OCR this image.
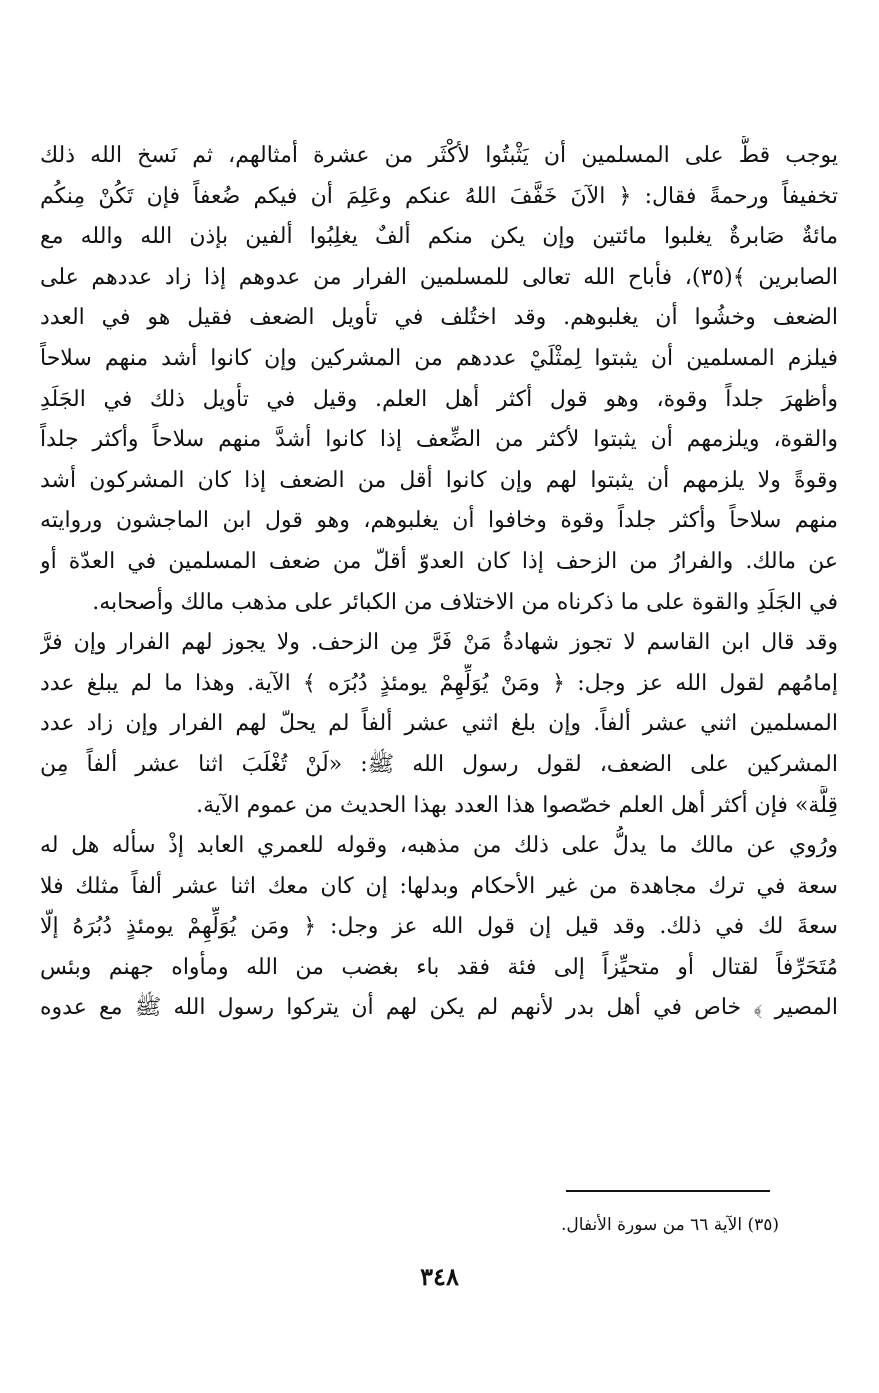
يوجب قطُّ على المسلمين أن يَثْبتُوا لأكْثَر من عشرة أمثالهم، ثم نَسخ الله ذلك
تخفيفاً ورحمةً فقال: ﴿ الآنَ خَفَّفَ اللهُ عنكم وعَلِمَ أن فيكم ضُعفاً فإن تَكُنْ مِنكُم
مائةٌ صَابرةٌ يغلبوا مائتين وإن يكن منكم ألفٌ يغلِبُوا ألفين بإذن الله والله مع
الصابرين ﴾(٣٥)، فأباح الله تعالى للمسلمين الفرار من عدوهم إذا زاد عددهم على
الضعف وخشُوا أن يغلبوهم. وقد اختُلف في تأويل الضعف فقيل هو في العدد
فيلزم المسلمين أن يثبتوا لِمثْلَيْ عددهم من المشركين وإن كانوا أشد منهم سلاحاً
وأظهرَ جلداً وقوة، وهو قول أكثر أهل العلم. وقيل في تأويل ذلك في الجَلَدِ
والقوة، ويلزمهم أن يثبتوا لأكثر من الضِّعف إذا كانوا أشدَّ منهم سلاحاً وأكثر جلداً
وقوةً ولا يلزمهم أن يثبتوا لهم وإن كانوا أقل من الضعف إذا كان المشركون أشد
منهم سلاحاً وأكثر جلداً وقوة وخافوا أن يغلبوهم، وهو قول ابن الماجشون وروايته
عن مالك. والفرارُ من الزحف إذا كان العدوّ أقلّ من ضعف المسلمين في العدّة أو
في الجَلَدِ والقوة على ما ذكرناه من الاختلاف من الكبائر على مذهب مالك وأصحابه.
وقد قال ابن القاسم لا تجوز شهادةُ مَنْ فَرَّ مِن الزحف. ولا يجوز لهم الفرار وإن فرَّ
إمامُهم لقول الله عز وجل: ﴿ ومَنْ يُوَلِّهِمْ يومئذٍ دُبُرَه ﴾ الآية. وهذا ما لم يبلغ عدد
المسلمين اثني عشر ألفاً. وإن بلغ اثني عشر ألفاً لم يحلّ لهم الفرار وإن زاد عدد
المشركين على الضعف، لقول رسول الله ﷺ: «لَنْ تُغْلَبَ اثنا عشر ألفاً مِن
قِلَّة» فإن أكثر أهل العلم خصّصوا هذا العدد بهذا الحديث من عموم الآية.
ورُوي عن مالك ما يدلُّ على ذلك من مذهبه، وقوله للعمري العابد إذْ سأله هل له
سعة في ترك مجاهدة من غير الأحكام وبدلها: إن كان معك اثنا عشر ألفاً مثلك فلا
سعةَ لك في ذلك. وقد قيل إن قول الله عز وجل: ﴿ ومَن يُوَلِّهِمْ يومئذٍ دُبُرَهُ إلّا
مُتَحَرِّفاً لقتال أو متحيِّزاً إلى فئة فقد باء بغضب من الله ومأواه جهنم وبئس
المصير ﴾ خاص في أهل بدر لأنهم لم يكن لهم أن يتركوا رسول الله ﷺ مع عدوه
(٣٥) الآية ٦٦ من سورة الأنفال.
٣٤٨
